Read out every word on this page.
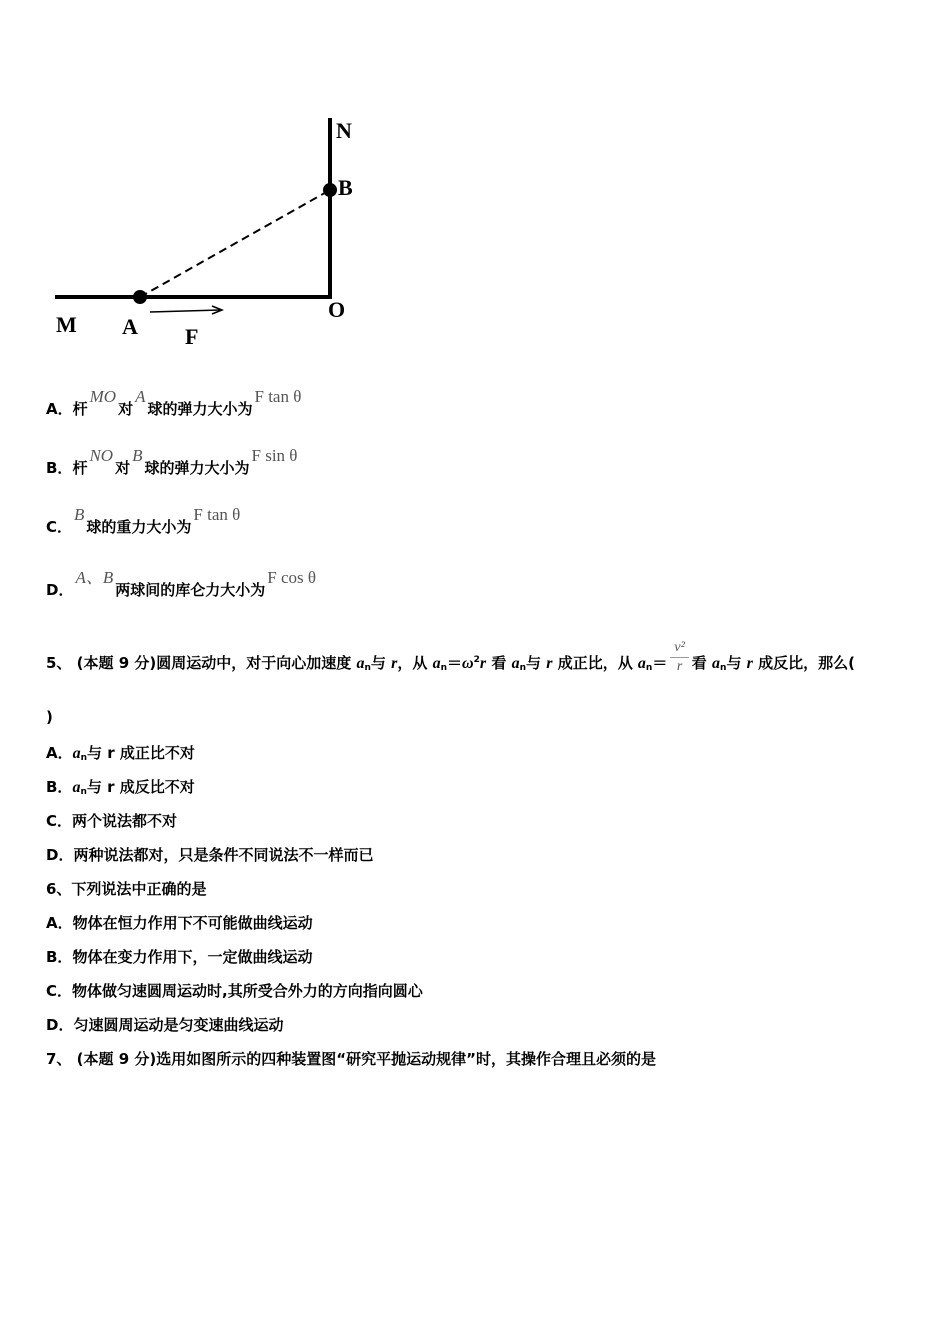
N
B
O
M A F
A．杆MO对A球的弹力大小为F tan θ
B．杆NO对B球的弹力大小为F sin θ
C．B球的重力大小为F tan θ
D．A、B两球间的库仑力大小为F cos θ
5、 (本题 9 分)圆周运动中，对于向心加速度 $a_n$与 r，从 $a_n=\omega^2r$ 看 $a_n$与 r 成正比，从 $a_n= \frac{\text{v²}}{r}$ 看 $a_n$与 r 成反比，那么(
)
A．$a_n$与 r 成正比不对
B．$a_n$与 r 成反比不对
C．两个说法都不对
D．两种说法都对，只是条件不同说法不一样而已
6、下列说法中正确的是
A．物体在恒力作用下不可能做曲线运动
B．物体在变力作用下，一定做曲线运动
C．物体做匀速圆周运动时,其所受合外力的方向指向圆心
D．匀速圆周运动是匀变速曲线运动
7、 (本题 9 分)选用如图所示的四种装置图“研究平抛运动规律”时，其操作合理且必须的是
